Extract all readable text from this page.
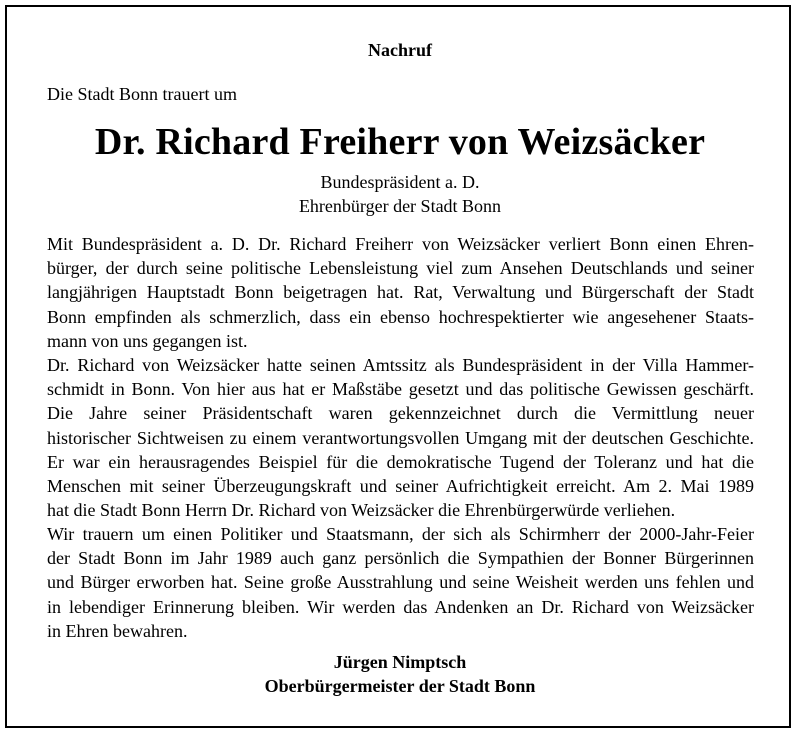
Nachruf
Die Stadt Bonn trauert um
Dr. Richard Freiherr von Weizsäcker
Bundespräsident a. D.
Ehrenbürger der Stadt Bonn
Mit Bundespräsident a. D. Dr. Richard Freiherr von Weizsäcker verliert Bonn einen Ehren-
bürger, der durch seine politische Lebensleistung viel zum Ansehen Deutschlands und seiner
langjährigen Hauptstadt Bonn beigetragen hat. Rat, Verwaltung und Bürgerschaft der Stadt
Bonn empfinden als schmerzlich, dass ein ebenso hochrespektierter wie angesehener Staats-
mann von uns gegangen ist.
Dr. Richard von Weizsäcker hatte seinen Amtssitz als Bundespräsident in der Villa Hammer-
schmidt in Bonn. Von hier aus hat er Maßstäbe gesetzt und das politische Gewissen geschärft.
Die Jahre seiner Präsidentschaft waren gekennzeichnet durch die Vermittlung neuer
historischer Sichtweisen zu einem verantwortungsvollen Umgang mit der deutschen Geschichte.
Er war ein herausragendes Beispiel für die demokratische Tugend der Toleranz und hat die
Menschen mit seiner Überzeugungskraft und seiner Aufrichtigkeit erreicht. Am 2. Mai 1989
hat die Stadt Bonn Herrn Dr. Richard von Weizsäcker die Ehrenbürgerwürde verliehen.
Wir trauern um einen Politiker und Staatsmann, der sich als Schirmherr der 2000-Jahr-Feier
der Stadt Bonn im Jahr 1989 auch ganz persönlich die Sympathien der Bonner Bürgerinnen
und Bürger erworben hat. Seine große Ausstrahlung und seine Weisheit werden uns fehlen und
in lebendiger Erinnerung bleiben. Wir werden das Andenken an Dr. Richard von Weizsäcker
in Ehren bewahren.
Jürgen Nimptsch
Oberbürgermeister der Stadt Bonn
